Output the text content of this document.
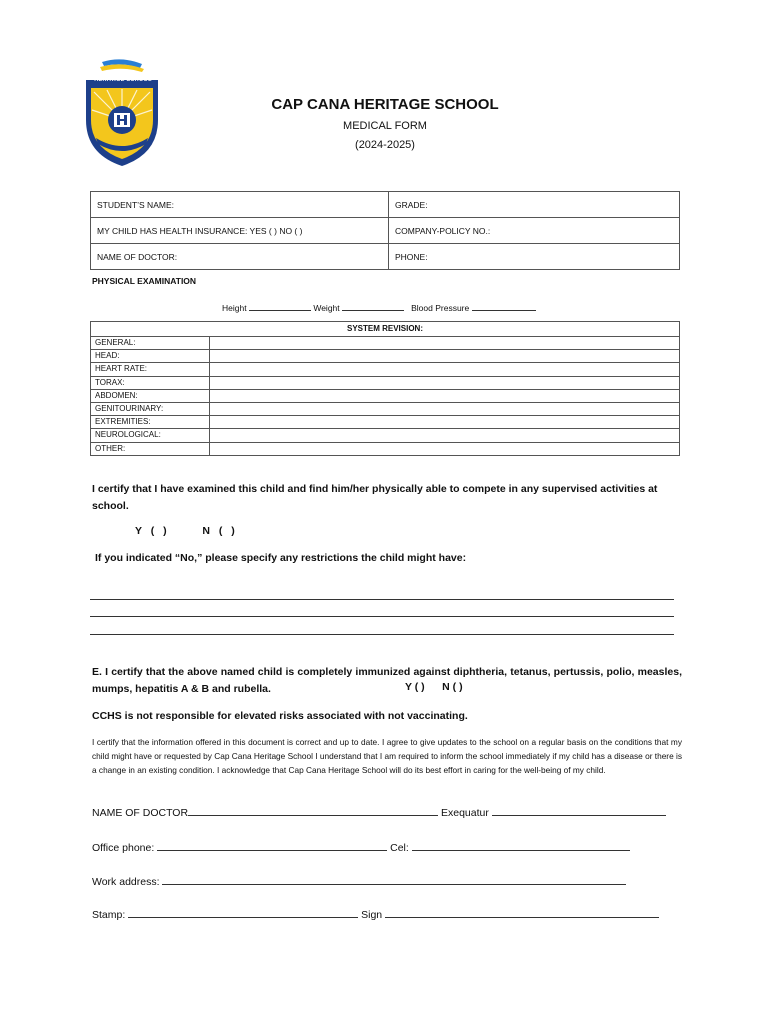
HERITAGE SCHOOL
CAP CANA HERITAGE SCHOOL
MEDICAL FORM
(2024-2025)
STUDENT’S NAME:	GRADE:
MY CHILD HAS HEALTH INSURANCE: YES ( ) NO ( )	COMPANY-POLICY NO.:
NAME OF DOCTOR:	PHONE:
PHYSICAL EXAMINATION
Height	Weight	Blood Pressure
SYSTEM REVISION:	
GENERAL:	
HEAD:	
HEART RATE:	
TORAX:	
ABDOMEN:	
GENITOURINARY:	
EXTREMITIES:	
NEUROLOGICAL:	
OTHER:	
I certify that I have examined this child and find him/her physically able to compete in any supervised activities at school.
Y ( )	N ( )
If you indicated “No,” please specify any restrictions the child might have:
E. I certify that the above named child is completely immunized against diphtheria, tetanus, pertussis, polio, measles, mumps, hepatitis A & B and rubella.	Y ( ) N ( )
CCHS is not responsible for elevated risks associated with not vaccinating.
I certify that the information offered in this document is correct and up to date. I agree to give updates to the school on a regular basis on the conditions that my child might have or requested by Cap Cana Heritage School I understand that I am required to inform the school immediately if my child has a disease or there is a change in an existing condition. I acknowledge that Cap Cana Heritage School will do its best effort in caring for the well-being of my child.
NAME OF DOCTOR	Exequatur
Office phone:	Cel:
Work address:
Stamp:	Sign
